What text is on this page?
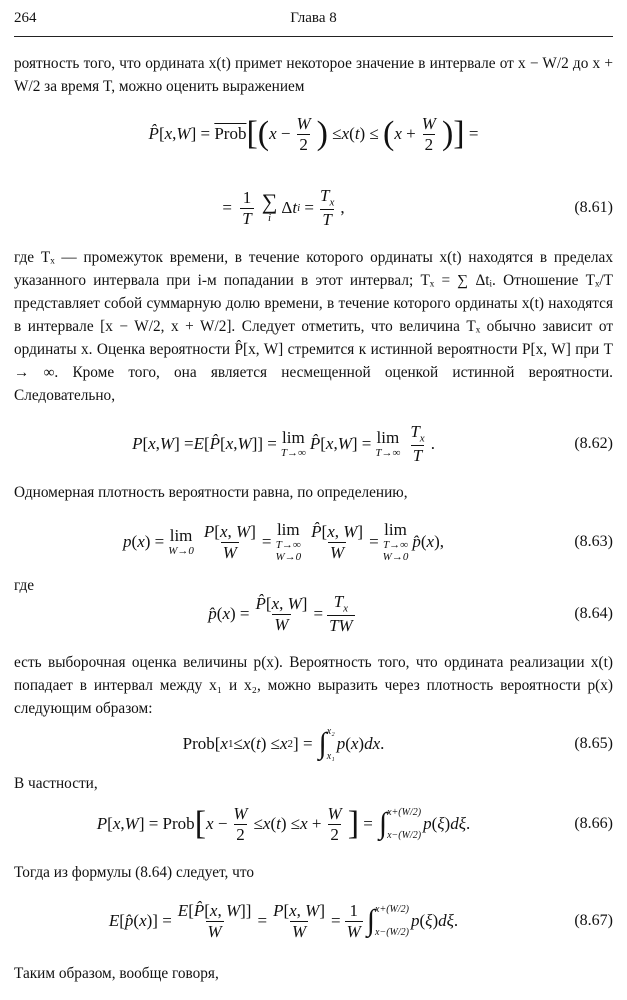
264	Глава 8
роятность того, что ордината x(t) примет некоторое значение в интервале от x − W/2 до x + W/2 за время T, можно оценить выражением
P̂ [ x , W ] = Prob [ ( x −
W
2 ) ≤ x ( t ) ≤ ( x +
W
2 ) ] =
=
1
T
∑
i
Δ t i =
$T_x$
T
,	(8.61)
где Tₓ — промежуток времени, в течение которого ординаты x(t) находятся в пределах указанного интервала при i-м попадании в этот интервал; Tₓ = ∑ Δtᵢ. Отношение Tₓ/T представляет собой суммарную долю времени, в течение которого ординаты x(t) находятся в интервале [x − W/2, x + W/2]. Следует отметить, что величина Tₓ обычно зависит от ординаты x. Оценка вероятности P̂[x, W] стремится к истинной вероятности P[x, W] при T → ∞. Кроме того, она является несмещенной оценкой истинной вероятности. Следовательно,
P [ x , W ] = E [ P̂ [ x , W ]] = lim
T→∞
P̂ [ x , W ] = lim
T→∞
$T_x$
T
.	(8.62)
Одномерная плотность вероятности равна, по определению,
p ( x ) = lim
W→0
P[x, W]
W
=
lim
T→∞
W→0
P̂[x, W]
W
=
lim
T→∞
W→0
p̂ ( x ),	(8.63)
где
p̂ ( x ) =
P̂[x, W]
W
=
$T_x$
TW
(8.64)
есть выборочная оценка величины p(x). Вероятность того, что ордината реализации x(t) попадает в интервал между x₁ и x₂, можно выразить через плотность вероятности p(x) следующим образом:
Prob[ x 1 ≤ x ( t ) ≤ x 2 ] = ∫ x₂
x₁
p ( x ) dx .	(8.65)
В частности,
P [ x , W ] = Prob [ x −
W
2
≤ x ( t ) ≤ x +
W
2 ] = ∫ x+(W/2)
x−(W/2)
p ( ξ ) dξ .	(8.66)
Тогда из формулы (8.64) следует, что
E [ p̂ ( x )] =
E[P̂[x, W]]
W
=
P[x, W]
W
=
1
W ∫ x+(W/2)
x−(W/2)
p ( ξ ) dξ .	(8.67)
Таким образом, вообще говоря,
